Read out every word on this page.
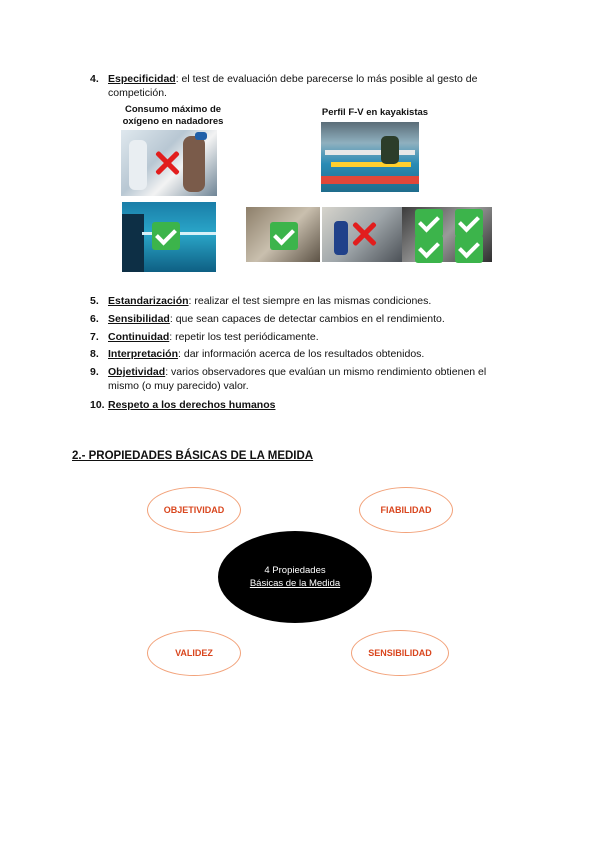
4. Especificidad: el test de evaluación debe parecerse lo más posible al gesto de competición.
Consumo máximo de oxígeno en nadadores
Perfil F-V en kayakistas
5. Estandarización: realizar el test siempre en las mismas condiciones.
6. Sensibilidad: que sean capaces de detectar cambios en el rendimiento.
7. Continuidad: repetir los test periódicamente.
8. Interpretación: dar información acerca de los resultados obtenidos.
9. Objetividad: varios observadores que evalúan un mismo rendimiento obtienen el mismo (o muy parecido) valor.
10. Respeto a los derechos humanos
2.- PROPIEDADES BÁSICAS DE LA MEDIDA
OBJETIVIDAD	FIABILIDAD
VALIDEZ	SENSIBILIDAD
4 Propiedades
Básicas de la Medida
